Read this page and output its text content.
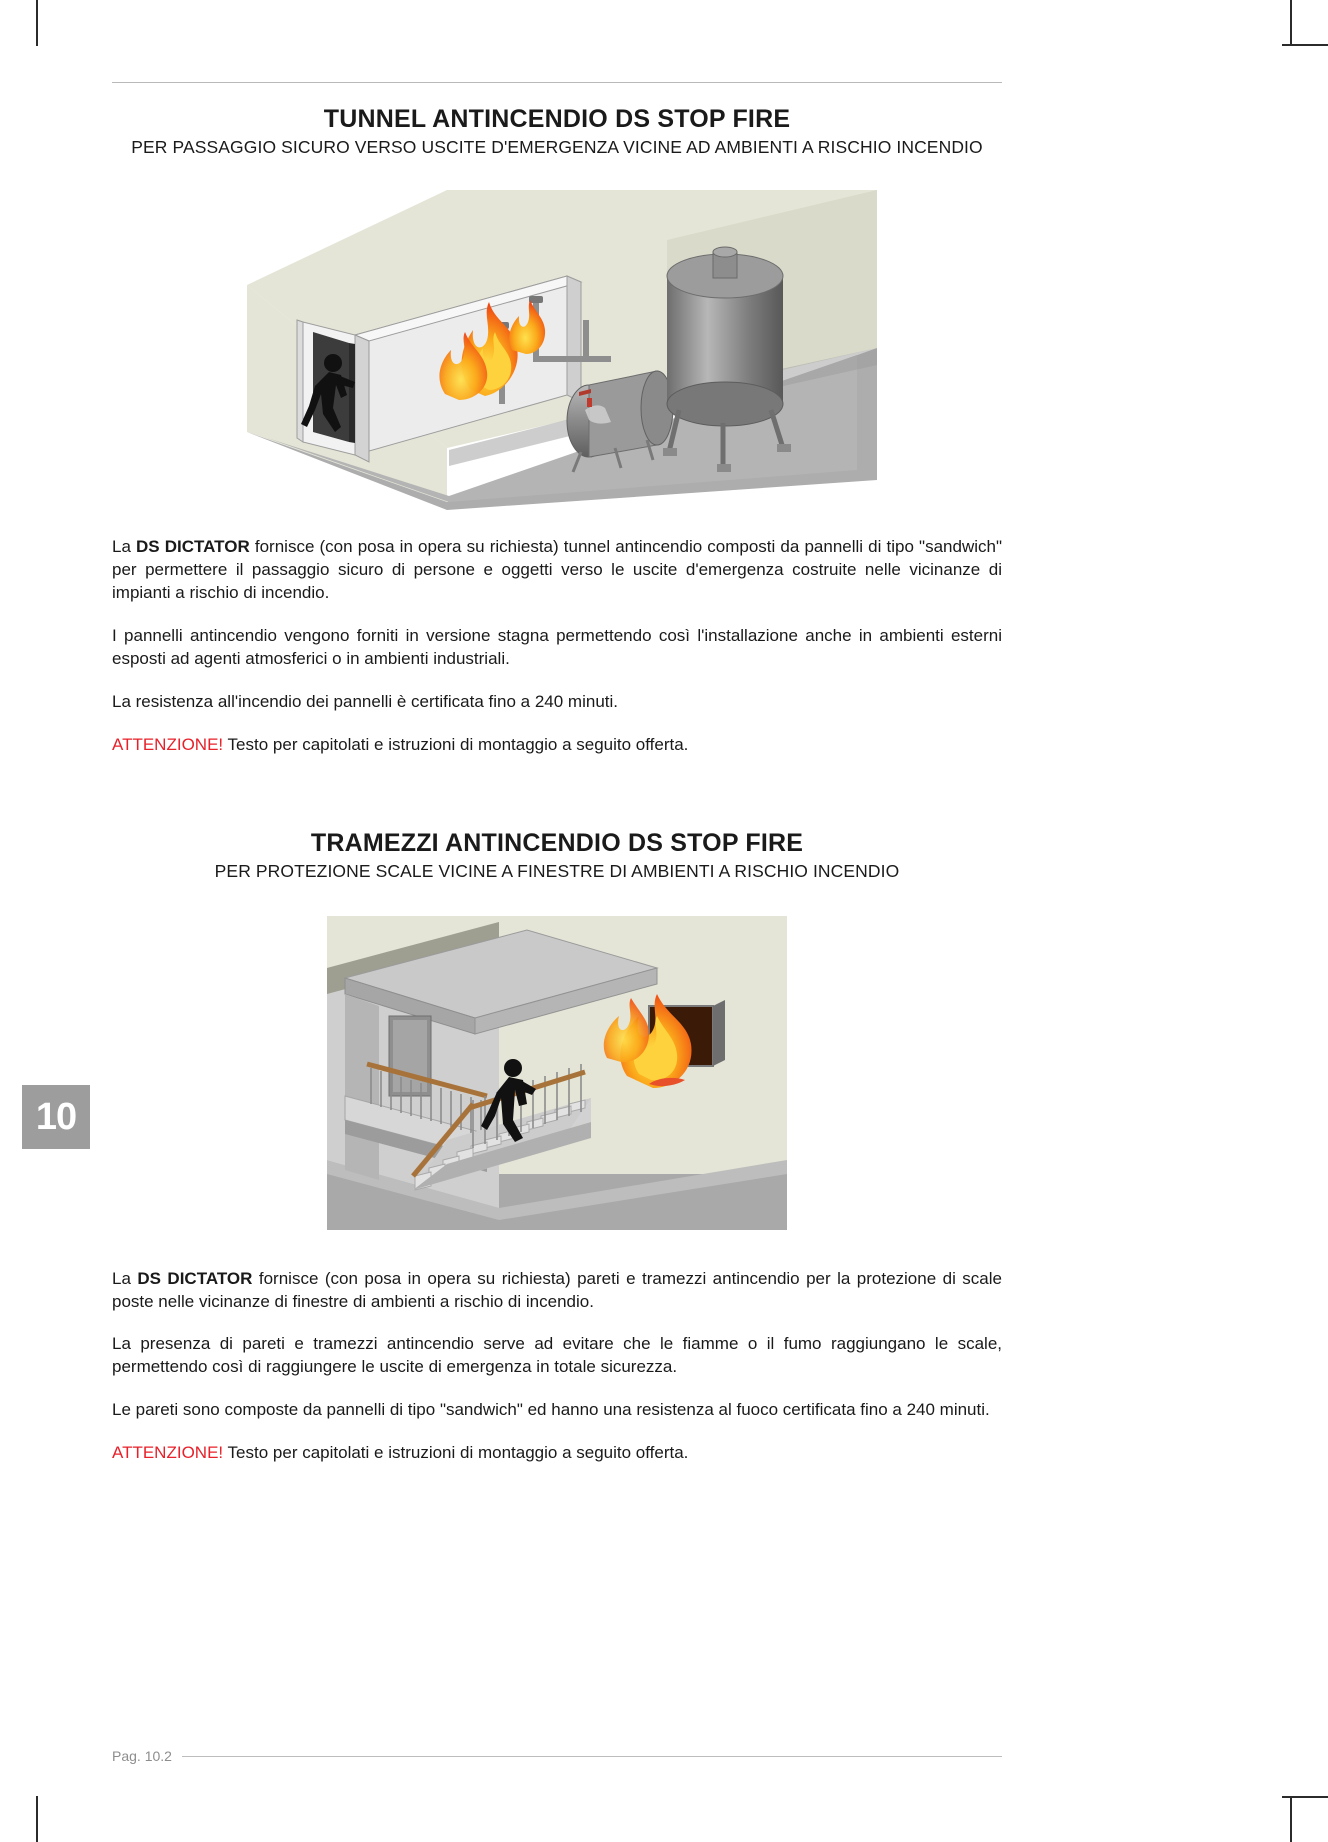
10
TUNNEL ANTINCENDIO DS STOP FIRE
PER PASSAGGIO SICURO VERSO USCITE D'EMERGENZA VICINE AD AMBIENTI A RISCHIO INCENDIO

La DS DICTATOR fornisce (con posa in opera su richiesta) tunnel antincendio composti da pannelli di tipo "sandwich" per permettere il passaggio sicuro di persone e oggetti verso le uscite d'emergenza costruite nelle vicinanze di impianti a rischio di incendio.

I pannelli antincendio vengono forniti in versione stagna permettendo così l'installazione anche in ambienti esterni esposti ad agenti atmosferici o in ambienti industriali.

La resistenza all'incendio dei pannelli è certificata fino a 240 minuti.

ATTENZIONE! Testo per capitolati e istruzioni di montaggio a seguito offerta.

TRAMEZZI ANTINCENDIO DS STOP FIRE
PER PROTEZIONE SCALE VICINE A FINESTRE DI AMBIENTI A RISCHIO INCENDIO

La DS DICTATOR fornisce (con posa in opera su richiesta) pareti e tramezzi antincendio per la protezione di scale poste nelle vicinanze di finestre di ambienti a rischio di incendio.

La presenza di pareti e tramezzi antincendio serve ad evitare che le fiamme o il fumo raggiungano le scale, permettendo così di raggiungere le uscite di emergenza in totale sicurezza.

Le pareti sono composte da pannelli di tipo "sandwich" ed hanno una resistenza al fuoco certificata fino a 240 minuti.

ATTENZIONE! Testo per capitolati e istruzioni di montaggio a seguito offerta.

Pag. 10.2
